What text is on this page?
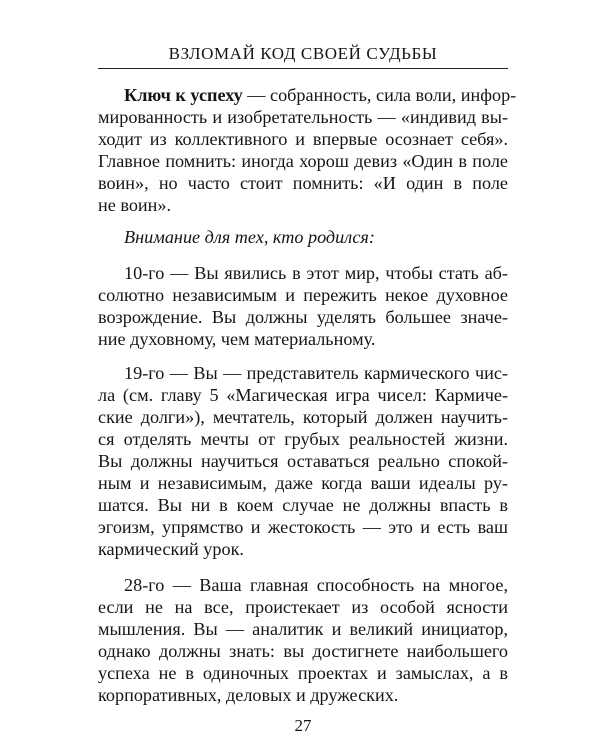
ВЗЛОМАЙ КОД СВОЕЙ СУДЬБЫ
Ключ к успеху — собранность, сила воли, инфор-
мированность и изобретательность — «индивид вы-
ходит из коллективного и впервые осознает себя».
Главное помнить: иногда хорош девиз «Один в поле
воин», но часто стоит помнить: «И один в поле
не воин».
Внимание для тех, кто родился:
10-го — Вы явились в этот мир, чтобы стать аб-
солютно независимым и пережить некое духовное
возрождение. Вы должны уделять большее значе-
ние духовному, чем материальному.
19-го — Вы — представитель кармического чис-
ла (см. главу 5 «Магическая игра чисел: Кармиче-
ские долги»), мечтатель, который должен научить-
ся отделять мечты от грубых реальностей жизни.
Вы должны научиться оставаться реально спокой-
ным и независимым, даже когда ваши идеалы ру-
шатся. Вы ни в коем случае не должны впасть в
эгоизм, упрямство и жестокость — это и есть ваш
кармический урок.
28-го — Ваша главная способность на многое,
если не на все, проистекает из особой ясности
мышления. Вы — аналитик и великий инициатор,
однако должны знать: вы достигнете наибольшего
успеха не в одиночных проектах и замыслах, а в
корпоративных, деловых и дружеских.
27
